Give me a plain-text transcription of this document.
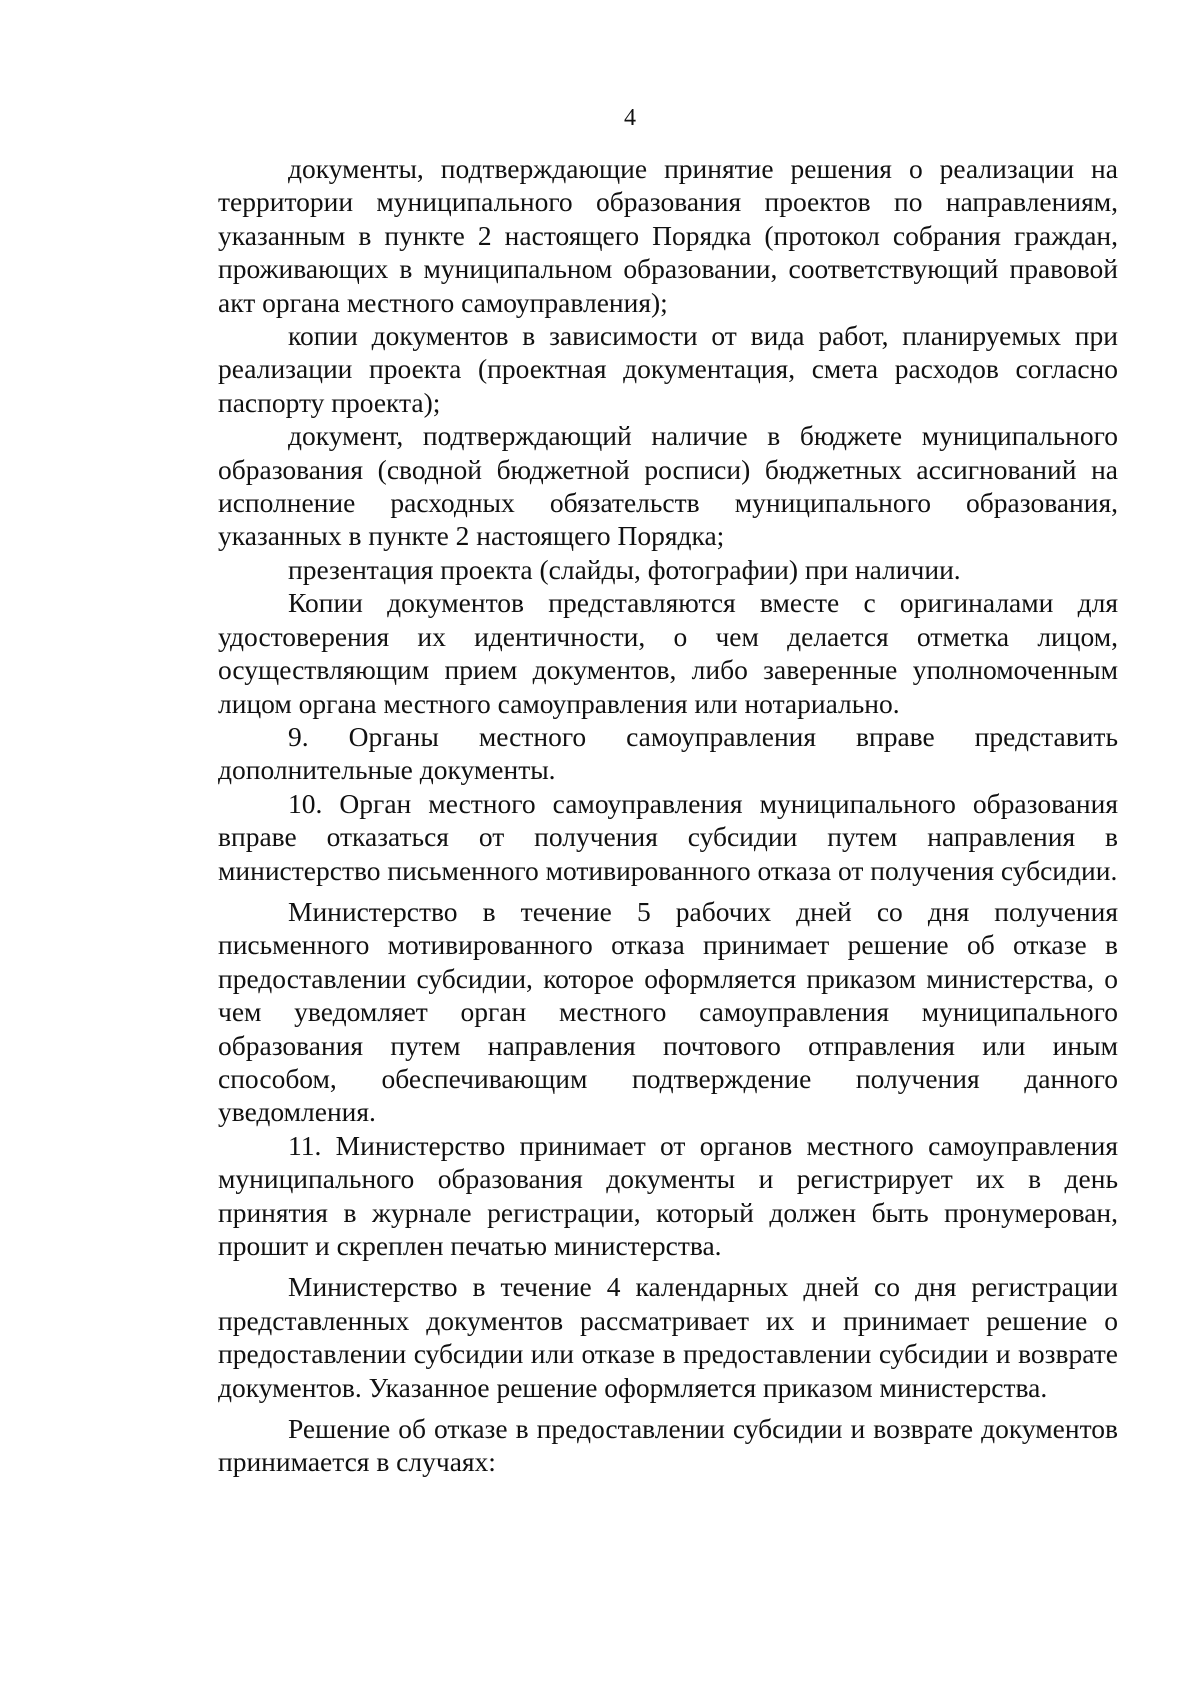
4

документы, подтверждающие принятие решения о реализации на территории муниципального образования проектов по направлениям, указанным в пункте 2 настоящего Порядка (протокол собрания граждан, проживающих в муниципальном образовании, соответствующий правовой акт органа местного самоуправления);

копии документов в зависимости от вида работ, планируемых при реализации проекта (проектная документация, смета расходов согласно паспорту проекта);

документ, подтверждающий наличие в бюджете муниципального образования (сводной бюджетной росписи) бюджетных ассигнований на исполнение расходных обязательств муниципального образования, указанных в пункте 2 настоящего Порядка;

презентация проекта (слайды, фотографии) при наличии.

Копии документов представляются вместе с оригиналами для удостоверения их идентичности, о чем делается отметка лицом, осуществляющим прием документов, либо заверенные уполномоченным лицом органа местного самоуправления или нотариально.

9. Органы местного самоуправления вправе представить дополнительные документы.

10. Орган местного самоуправления муниципального образования вправе отказаться от получения субсидии путем направления в министерство письменного мотивированного отказа от получения субсидии.

Министерство в течение 5 рабочих дней со дня получения письменного мотивированного отказа принимает решение об отказе в предоставлении субсидии, которое оформляется приказом министерства, о чем уведомляет орган местного самоуправления муниципального образования путем направления почтового отправления или иным способом, обеспечивающим подтверждение получения данного уведомления.

11. Министерство принимает от органов местного самоуправления муниципального образования документы и регистрирует их в день принятия в журнале регистрации, который должен быть пронумерован, прошит и скреплен печатью министерства.

Министерство в течение 4 календарных дней со дня регистрации представленных документов рассматривает их и принимает решение о предоставлении субсидии или отказе в предоставлении субсидии и возврате документов. Указанное решение оформляется приказом министерства.

Решение об отказе в предоставлении субсидии и возврате документов принимается в случаях:
